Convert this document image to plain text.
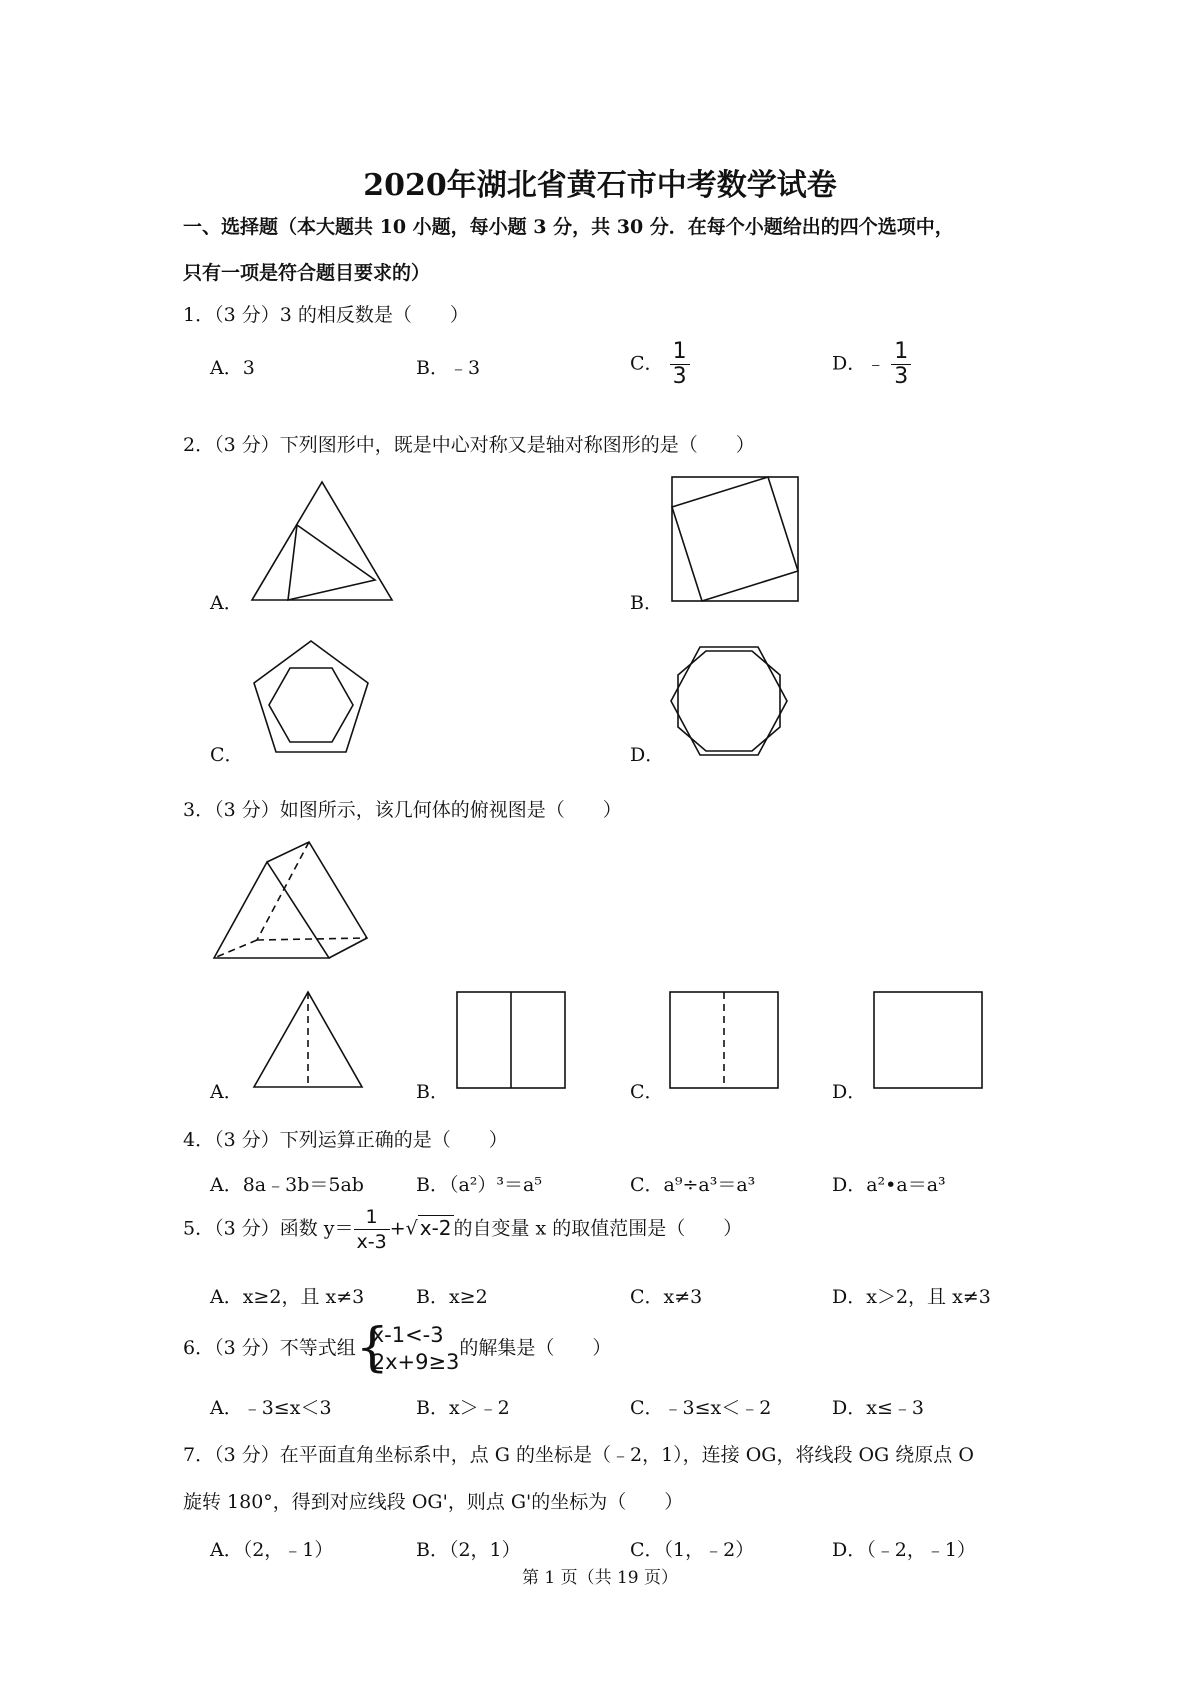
2020年湖北省黄石市中考数学试卷
一、选择题（本大题共 10 小题，每小题 3 分，共 30 分．在每个小题给出的四个选项中，
只有一项是符合题目要求的）
1．（3 分）3 的相反数是（　　）
A．3	B．﹣3	C． $\frac{1}{3}$	D．﹣ $\frac{1}{3}$
2．（3 分）下列图形中，既是中心对称又是轴对称图形的是（　　）
A．	B．
C．	D．
3．（3 分）如图所示，该几何体的俯视图是（　　）
A．	B．	C．	D．
4．（3 分）下列运算正确的是（　　）
A．8a﹣3b＝5ab	B．（a²）³＝a⁵	C．a⁹÷a³＝a³	D．a²•a＝a³
5．（3 分）函数 $y= \frac{1}{x-3}$ +√ x-2 的自变量 x 的取值范围是（　　）
A．x≥2，且 x≠3	B．x≥2	C．x≠3	D．x＞2，且 x≠3
6．（3 分）不等式组 {
x-1<-3
2x+9≥3
的解集是（　　）
A．﹣3≤x＜3	B．x＞﹣2	C．﹣3≤x＜﹣2	D．x≤﹣3
7．（3 分）在平面直角坐标系中，点 G 的坐标是（﹣2，1），连接 OG，将线段 OG 绕原点 O
旋转 180°，得到对应线段 OG'，则点 G'的坐标为（　　）
A．（2，﹣1）	B．（2，1）	C．（1，﹣2）	D．（﹣2，﹣1）
第 1 页（共 19 页）
